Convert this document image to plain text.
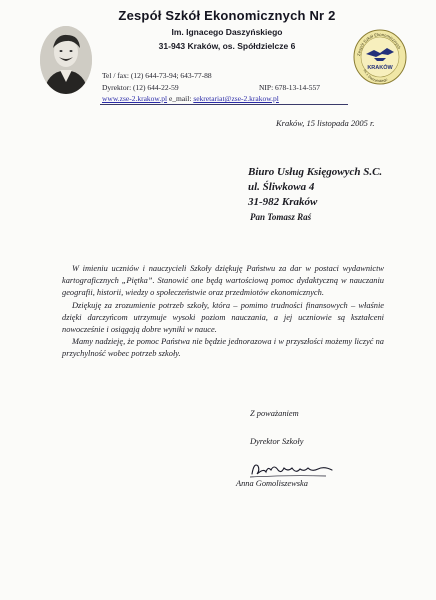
Zespół Szkół Ekonomicznych Nr 2
Im. Ignacego Daszyńskiego
31-943 Kraków, os. Spółdzielcze 6
Tel / fax: (12) 644-73-94; 643-77-88
Dyrektor: (12) 644-22-59	NIP: 678-13-14-557
www.zse-2.krakow.pl e_mail: sekretariat@zse-2.krakow.pl
Zespół Szkół Ekonomicznych
KRAKÓW
im. I. Daszyńskiego
Kraków, 15 listopada 2005 r.
Biuro Usług Księgowych S.C.
ul. Śliwkowa 4
31-982 Kraków
Pan Tomasz Raś

W imieniu uczniów i nauczycieli Szkoły dziękuję Państwu za dar w postaci wydawnictw kartograficznych „Piętka”. Stanowić one będą wartościową pomoc dydaktyczną w nauczaniu geografii, historii, wiedzy o społeczeństwie oraz przedmiotów ekonomicznych.

Dziękuję za zrozumienie potrzeb szkoły, która – pomimo trudności finansowych – właśnie dzięki darczyńcom utrzymuje wysoki poziom nauczania, a jej uczniowie są kształceni nowocześnie i osiągają dobre wyniki w nauce.

Mamy nadzieję, że pomoc Państwa nie będzie jednorazowa i w przyszłości możemy liczyć na przychylność wobec potrzeb szkoły.

Z poważaniem
Dyrektor Szkoły
Anna Gomoliszewska
